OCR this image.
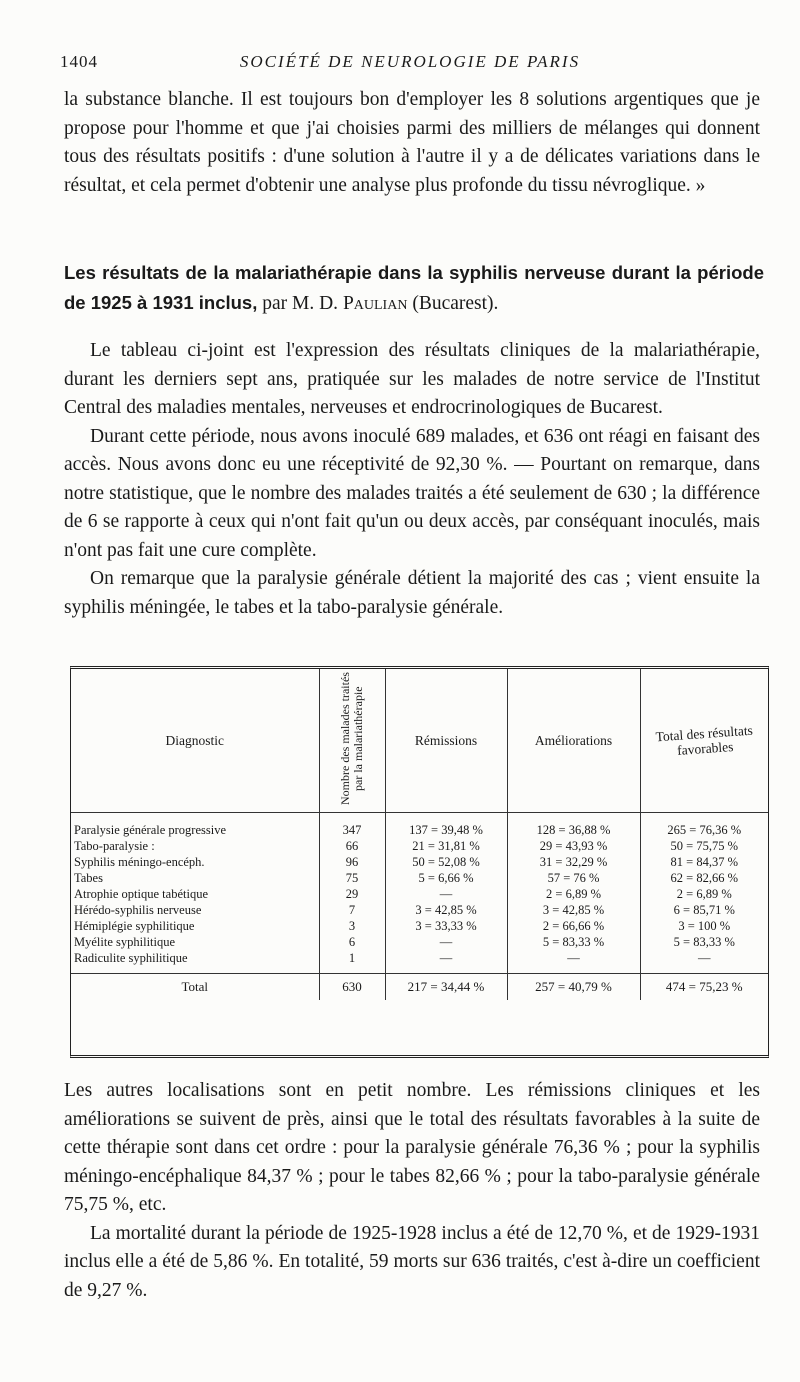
1404	SOCIÉTÉ DE NEUROLOGIE DE PARIS

la substance blanche. Il est toujours bon d'employer les 8 solutions argentiques que je propose pour l'homme et que j'ai choisies parmi des milliers de mélanges qui donnent tous des résultats positifs : d'une solution à l'autre il y a de délicates variations dans le résultat, et cela permet d'obtenir une analyse plus profonde du tissu névroglique. »

Les résultats de la malariathérapie dans la syphilis nerveuse durant la période de 1925 à 1931 inclus, par M. D. Paulian (Bucarest).

Le tableau ci-joint est l'expression des résultats cliniques de la malariathérapie, durant les derniers sept ans, pratiquée sur les malades de notre service de l'Institut Central des maladies mentales, nerveuses et endrocrinologiques de Bucarest.

Durant cette période, nous avons inoculé 689 malades, et 636 ont réagi en faisant des accès. Nous avons donc eu une réceptivité de 92,30 %. — Pourtant on remarque, dans notre statistique, que le nombre des malades traités a été seulement de 630 ; la différence de 6 se rapporte à ceux qui n'ont fait qu'un ou deux accès, par conséquant inoculés, mais n'ont pas fait une cure complète.

On remarque que la paralysie générale détient la majorité des cas ; vient ensuite la syphilis méningée, le tabes et la tabo-paralysie générale.

Diagnostic	Nombre des malades traités par la malariathérapie	Rémissions	Améliorations	Total des résultats favorables
Paralysie générale progressive	347	137 = 39,48 %	128 = 36,88 %	265 = 76,36 %
Tabo-paralysie :	66	21 = 31,81 %	29 = 43,93 %	50 = 75,75 %
Syphilis méningo-encéph.	96	50 = 52,08 %	31 = 32,29 %	81 = 84,37 %
Tabes	75	5 = 6,66 %	57 = 76 %	62 = 82,66 %
Atrophie optique tabétique	29	—	2 = 6,89 %	2 = 6,89 %
Hérédo-syphilis nerveuse	7	3 = 42,85 %	3 = 42,85 %	6 = 85,71 %
Hémiplégie syphilitique	3	3 = 33,33 %	2 = 66,66 %	3 = 100 %
Myélite syphilitique	6	—	5 = 83,33 %	5 = 83,33 %
Radiculite syphilitique	1	—	—	—
Total	630	217 = 34,44 %	257 = 40,79 %	474 = 75,23 %

Les autres localisations sont en petit nombre. Les rémissions cliniques et les améliorations se suivent de près, ainsi que le total des résultats favorables à la suite de cette thérapie sont dans cet ordre : pour la paralysie générale 76,36 % ; pour la syphilis méningo-encéphalique 84,37 % ; pour le tabes 82,66 % ; pour la tabo-paralysie générale 75,75 %, etc.

La mortalité durant la période de 1925-1928 inclus a été de 12,70 %, et de 1929-1931 inclus elle a été de 5,86 %. En totalité, 59 morts sur 636 traités, c'est à-dire un coefficient de 9,27 %.
